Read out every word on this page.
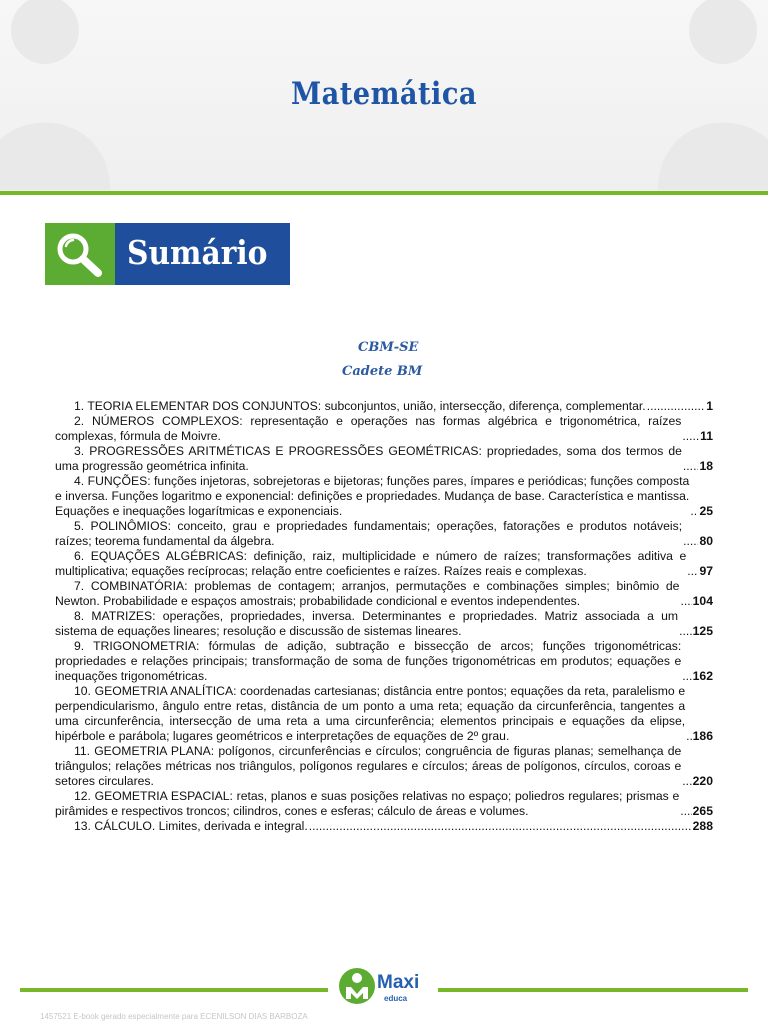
Matemática
Sumário
CBM-SE
Cadete BM
1. TEORIA ELEMENTAR DOS CONJUNTOS: subconjuntos, união, intersecção, diferença, complementar. .....	1
2. NÚMEROS COMPLEXOS: representação e operações nas formas algébrica e trigonométrica, raízes complexas, fórmula de Moivre. .....	11
3. PROGRESSÕES ARITMÉTICAS E PROGRESSÕES GEOMÉTRICAS: propriedades, soma dos termos de uma progressão geométrica infinita. .....	18
4. FUNÇÕES: funções injetoras, sobrejetoras e bijetoras; funções pares, ímpares e periódicas; funções composta e inversa. Funções logaritmo e exponencial: definições e propriedades. Mudança de base. Característica e mantissa. Equações e inequações logarítmicas e exponenciais. .....	25
5. POLINÔMIOS: conceito, grau e propriedades fundamentais; operações, fatorações e produtos notáveis; raízes; teorema fundamental da álgebra. .....	80
6. EQUAÇÕES ALGÉBRICAS: definição, raiz, multiplicidade e número de raízes; transformações aditiva e multiplicativa; equações recíprocas; relação entre coeficientes e raízes. Raízes reais e complexas. .....	97
7. COMBINATÓRIA: problemas de contagem; arranjos, permutações e combinações simples; binômio de Newton. Probabilidade e espaços amostrais; probabilidade condicional e eventos independentes. .....	104
8. MATRIZES: operações, propriedades, inversa. Determinantes e propriedades. Matriz associada a um sistema de equações lineares; resolução e discussão de sistemas lineares. .....	125
9. TRIGONOMETRIA: fórmulas de adição, subtração e bissecção de arcos; funções trigonométricas: propriedades e relações principais; transformação de soma de funções trigonométricas em produtos; equações e inequações trigonométricas. .....	162
10. GEOMETRIA ANALÍTICA: coordenadas cartesianas; distância entre pontos; equações da reta, paralelismo e perpendicularismo, ângulo entre retas, distância de um ponto a uma reta; equação da circunferência, tangentes a uma circunferência, intersecção de uma reta a uma circunferência; elementos principais e equações da elipse, hipérbole e parábola; lugares geométricos e interpretações de equações de 2º grau. .....	186
11. GEOMETRIA PLANA: polígonos, circunferências e círculos; congruência de figuras planas; semelhança de triângulos; relações métricas nos triângulos, polígonos regulares e círculos; áreas de polígonos, círculos, coroas e setores circulares. .....	220
12. GEOMETRIA ESPACIAL: retas, planos e suas posições relativas no espaço; poliedros regulares; prismas e pirâmides e respectivos troncos; cilindros, cones e esferas; cálculo de áreas e volumes. .....	265
13. CÁLCULO. Limites, derivada e integral. .....	288
Maxi
educa
1457521 E-book gerado especialmente para ECENILSON DIAS BARBOZA
